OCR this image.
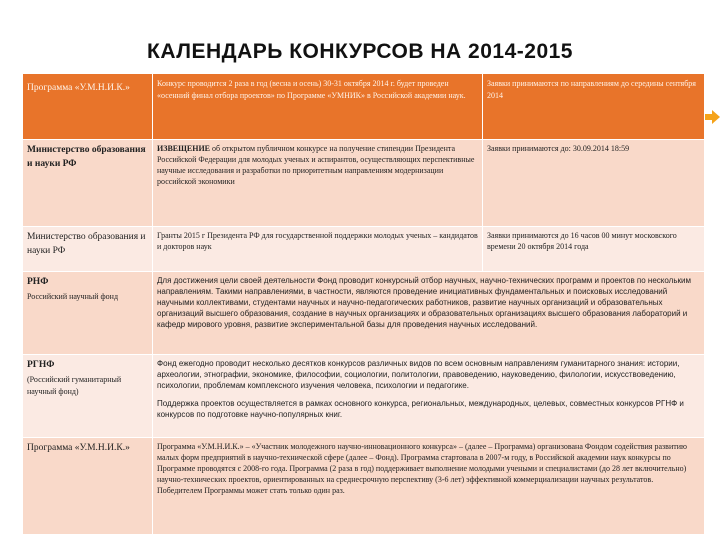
КАЛЕНДАРЬ КОНКУРСОВ НА 2014-2015
Программа «У.М.Н.И.К.»	Конкурс проводится 2 раза в год (весна и осень) 30-31 октября 2014 г. будет проведен «осенний финал отбора проектов» по Программе «УМНИК» в Российской академии наук.	Заявки принимаются по направлениям до середины сентября 2014
Министерство образования и науки РФ	ИЗВЕЩЕНИЕ об открытом публичном конкурсе на получение стипендии Президента Российской Федерации для молодых ученых и аспирантов, осуществляющих перспективные научные исследования и разработки по приоритетным направлениям модернизации российской экономики	Заявки принимаются до: 30.09.2014 18:59
Министерство образования и науки РФ	Гранты 2015 г Президента РФ для государственной поддержки молодых ученых – кандидатов и докторов наук	Заявки принимаются до 16 часов 00 минут московского времени 20 октября 2014 года
РНФ
Российский научный фонд	Для достижения цели своей деятельности Фонд проводит конкурсный отбор научных, научно-технических программ и проектов по нескольким направлениям. Такими направлениями, в частности, являются проведение инициативных фундаментальных и поисковых исследований научными коллективами, студентами научных и научно-педагогических работников, развитие научных организаций и образовательных организаций высшего образования, создание в научных организациях и образовательных организациях высшего образования лабораторий и кафедр мирового уровня, развитие экспериментальной базы для проведения научных исследований.	
РГНФ
(Российский гуманитарный научный фонд)	Фонд ежегодно проводит несколько десятков конкурсов различных видов по всем основным направлениям гуманитарного знания: истории, археологии, этнографии, экономике, философии, социологии, политологии, правоведению, науковедению, филологии, искусствоведению, психологии, проблемам комплексного изучения человека, психологии и педагогике.
Поддержка проектов осуществляется в рамках основного конкурса, региональных, международных, целевых, совместных конкурсов РГНФ и конкурсов по подготовке научно-популярных книг.	
Программа «У.М.Н.И.К.»	Программа «У.М.Н.И.К.» – «Участник молодежного научно-инновационного конкурса» – (далее – Программа) организована Фондом содействия развитию малых форм предприятий в научно-технической сфере (далее – Фонд). Программа стартовала в 2007-м году, в Российской академии наук конкурсы по Программе проводятся с 2008-го года. Программа (2 раза в год) поддерживает выполнение молодыми учеными и специалистами (до 28 лет включительно) научно-технических проектов, ориентированных на среднесрочную перспективу (3-6 лет) эффективной коммерциализации научных результатов. Победителем Программы может стать только один раз.	
